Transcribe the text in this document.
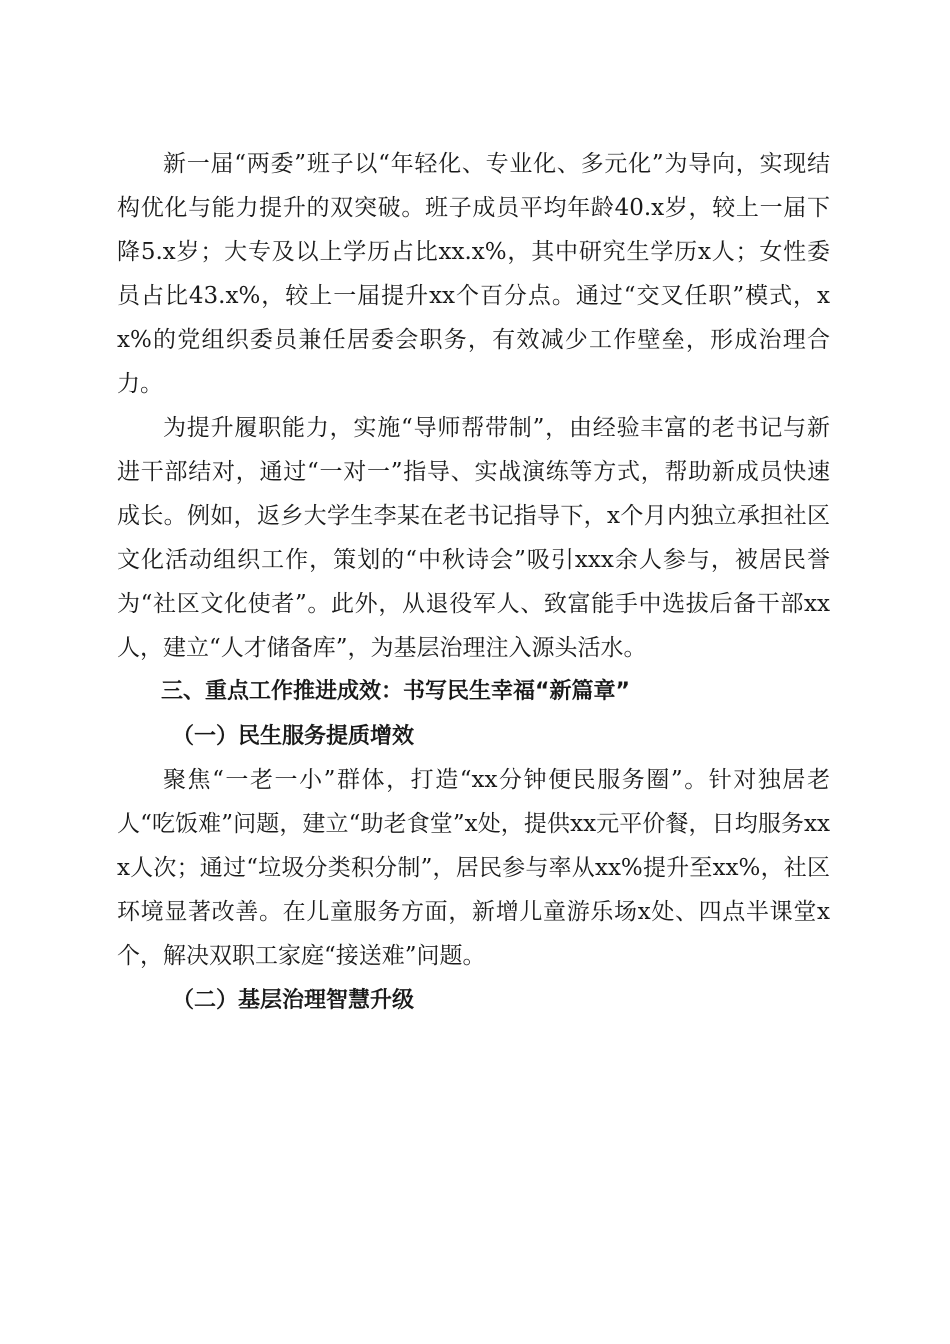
新一届“两委”班子以“年轻化、专业化、多元化”为导向，实现结构优化与能力提升的双突破。班子成员平均年龄40.x岁，较上一届下降5.x岁；大专及以上学历占比xx.x%，其中研究生学历x人；女性委员占比43.x%，较上一届提升xx个百分点。通过“交叉任职”模式，xx%的党组织委员兼任居委会职务，有效减少工作壁垒，形成治理合力。

为提升履职能力，实施“导师帮带制”，由经验丰富的老书记与新进干部结对，通过“一对一”指导、实战演练等方式，帮助新成员快速成长。例如，返乡大学生李某在老书记指导下，x个月内独立承担社区文化活动组织工作，策划的“中秋诗会”吸引xxx余人参与，被居民誉为“社区文化使者”。此外，从退役军人、致富能手中选拔后备干部xx人，建立“人才储备库”，为基层治理注入源头活水。

三、重点工作推进成效：书写民生幸福“新篇章”

（一）民生服务提质增效

聚焦“一老一小”群体，打造“xx分钟便民服务圈”。针对独居老人“吃饭难”问题，建立“助老食堂”x处，提供xx元平价餐，日均服务xxx人次；通过“垃圾分类积分制”，居民参与率从xx%提升至xx%，社区环境显著改善。在儿童服务方面，新增儿童游乐场x处、四点半课堂x个，解决双职工家庭“接送难”问题。

（二）基层治理智慧升级
